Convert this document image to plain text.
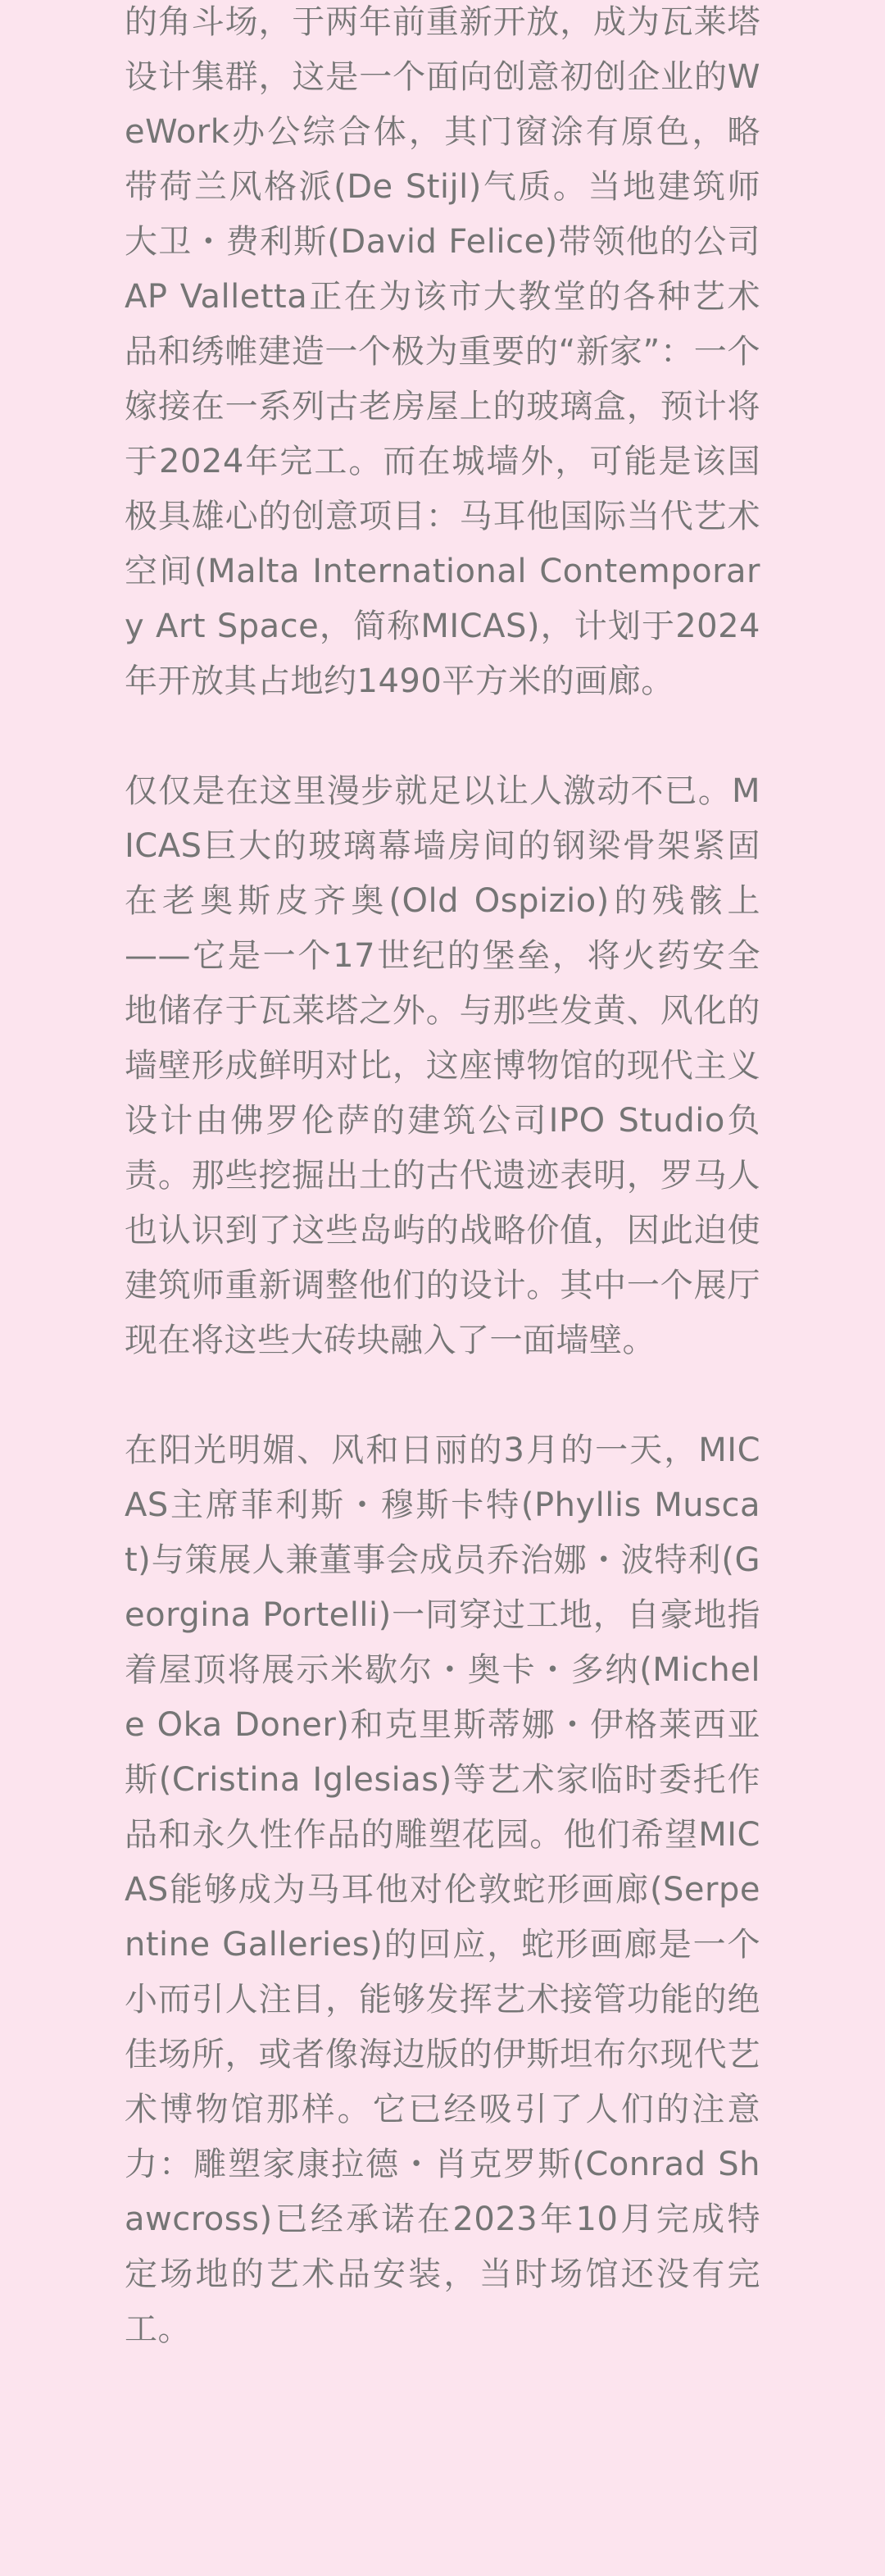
的角斗场，于两年前重新开放，成为瓦莱塔设计集群，这是一个面向创意初创企业的WeWork办公综合体，其门窗涂有原色，略带荷兰风格派(De Stijl)气质。当地建筑师大卫・费利斯(David Felice)带领他的公司AP Valletta正在为该市大教堂的各种艺术品和绣帷建造一个极为重要的“新家”：一个嫁接在一系列古老房屋上的玻璃盒，预计将于2024年完工。而在城墙外，可能是该国极具雄心的创意项目：马耳他国际当代艺术空间(Malta International Contemporary Art Space，简称MICAS)，计划于2024年开放其占地约1490平方米的画廊。

仅仅是在这里漫步就足以让人激动不已。MICAS巨大的玻璃幕墙房间的钢梁骨架紧固在老奥斯皮齐奥(Old Ospizio)的残骸上——它是一个17世纪的堡垒，将火药安全地储存于瓦莱塔之外。与那些发黄、风化的墙壁形成鲜明对比，这座博物馆的现代主义设计由佛罗伦萨的建筑公司IPO Studio负责。那些挖掘出土的古代遗迹表明，罗马人也认识到了这些岛屿的战略价值，因此迫使建筑师重新调整他们的设计。其中一个展厅现在将这些大砖块融入了一面墙壁。

在阳光明媚、风和日丽的3月的一天，MICAS主席菲利斯・穆斯卡特(Phyllis Muscat)与策展人兼董事会成员乔治娜・波特利(Georgina Portelli)一同穿过工地，自豪地指着屋顶将展示米歇尔・奥卡・多纳(Michele Oka Doner)和克里斯蒂娜・伊格莱西亚斯(Cristina Iglesias)等艺术家临时委托作品和永久性作品的雕塑花园。他们希望MICAS能够成为马耳他对伦敦蛇形画廊(Serpentine Galleries)的回应，蛇形画廊是一个小而引人注目，能够发挥艺术接管功能的绝佳场所，或者像海边版的伊斯坦布尔现代艺术博物馆那样。它已经吸引了人们的注意力：雕塑家康拉德・肖克罗斯(Conrad Shawcross)已经承诺在2023年10月完成特定场地的艺术品安装，当时场馆还没有完工。
